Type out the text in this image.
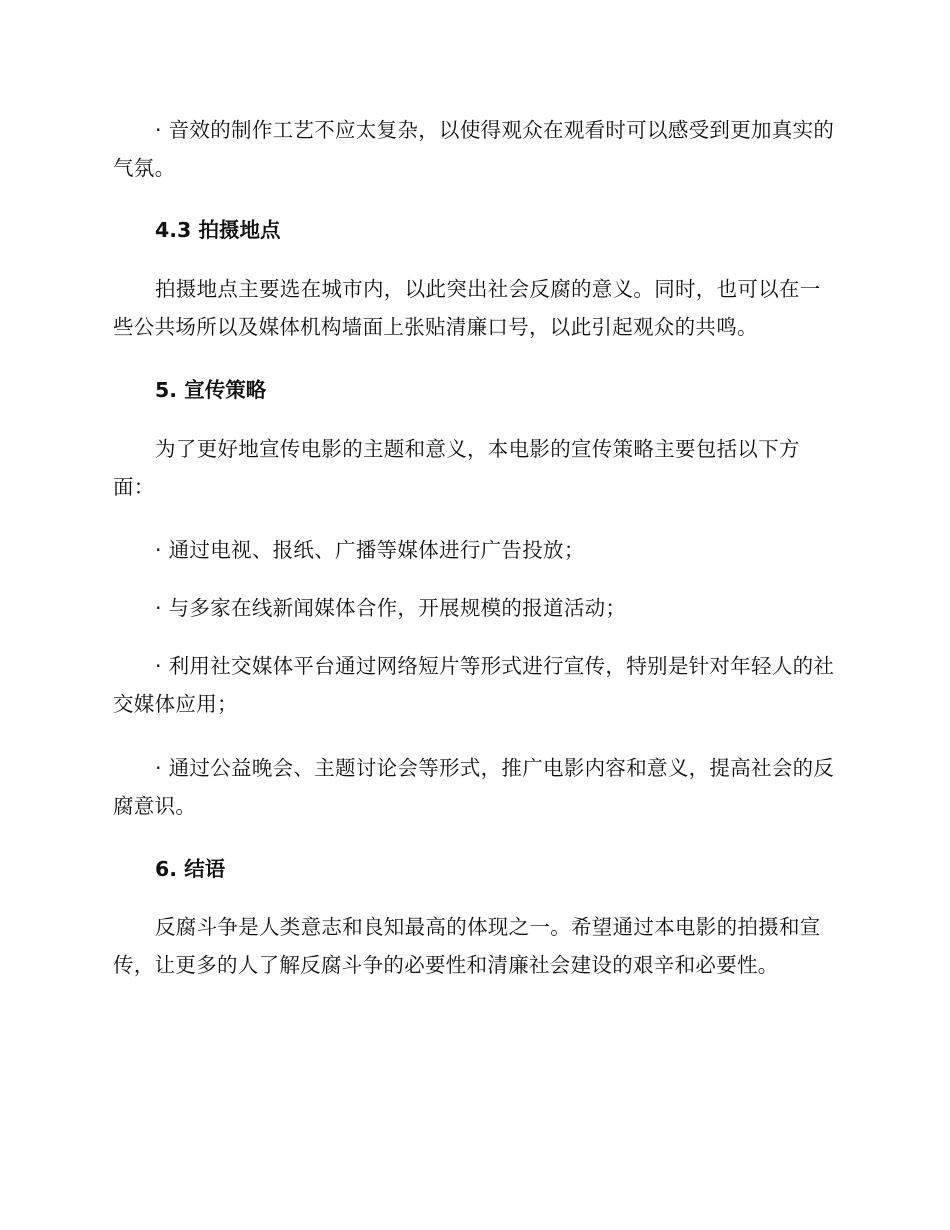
· 音效的制作工艺不应太复杂，以使得观众在观看时可以感受到更加真实的气氛。

4.3 拍摄地点

拍摄地点主要选在城市内，以此突出社会反腐的意义。同时，也可以在一些公共场所以及媒体机构墙面上张贴清廉口号，以此引起观众的共鸣。

5. 宣传策略

为了更好地宣传电影的主题和意义，本电影的宣传策略主要包括以下方面：

· 通过电视、报纸、广播等媒体进行广告投放；

· 与多家在线新闻媒体合作，开展规模的报道活动；

· 利用社交媒体平台通过网络短片等形式进行宣传，特别是针对年轻人的社交媒体应用；

· 通过公益晚会、主题讨论会等形式，推广电影内容和意义，提高社会的反腐意识。

6. 结语

反腐斗争是人类意志和良知最高的体现之一。希望通过本电影的拍摄和宣传，让更多的人了解反腐斗争的必要性和清廉社会建设的艰辛和必要性。
